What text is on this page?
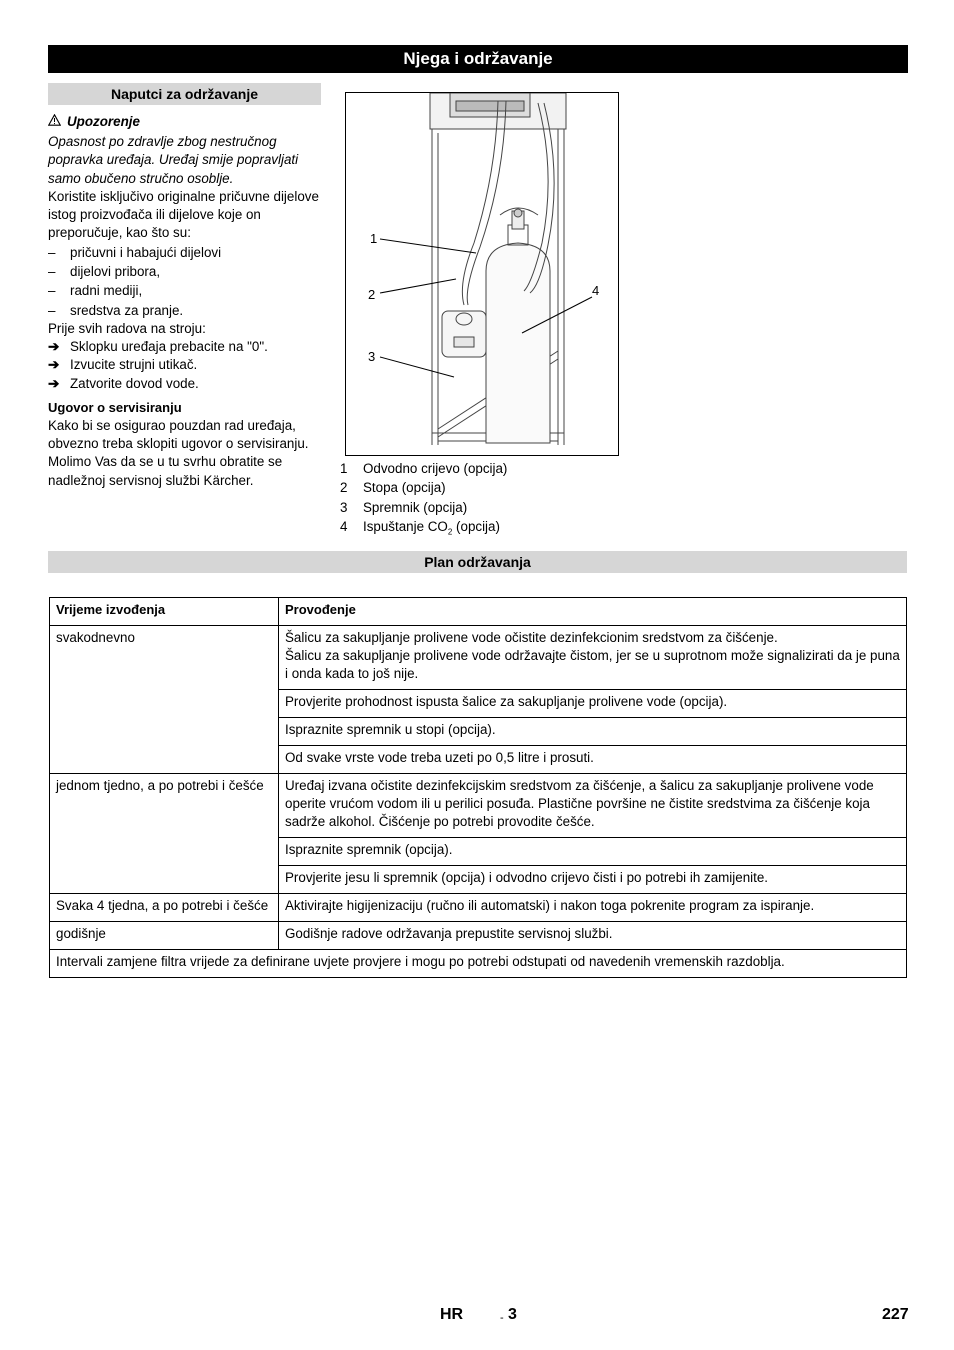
Njega i održavanje
Naputci za održavanje
Upozorenje
Opasnost po zdravlje zbog nestručnog popravka uređaja. Uređaj smije popravljati samo obučeno stručno osoblje.
Koristite isključivo originalne pričuvne dijelove istog proizvođača ili dijelove koje on preporučuje, kao što su:
– pričuvni i habajući dijelovi
– dijelovi pribora,
– radni mediji,
– sredstva za pranje.
Prije svih radova na stroju:
➔ Sklopku uređaja prebacite na "0".
➔ Izvucite strujni utikač.
➔ Zatvorite dovod vode.
Ugovor o servisiranju
Kako bi se osigurao pouzdan rad uređaja, obvezno treba sklopiti ugovor o servisiranju. Molimo Vas da se u tu svrhu obratite se nadležnoj servisnoj službi Kärcher.
1
2
3
4
1	Odvodno crijevo (opcija)
2	Stopa (opcija)
3	Spremnik (opcija)
4	Ispuštanje $CO_2$ (opcija)
Plan održavanja
Vrijeme izvođenja	Provođenje
svakodnevno	Šalicu za sakupljanje prolivene vode očistite dezinfekcionim sredstvom za čišćenje.
Šalicu za sakupljanje prolivene vode održavajte čistom, jer se u suprotnom može signalizirati da je puna i onda kada to još nije.
	Provjerite prohodnost ispusta šalice za sakupljanje prolivene vode (opcija).
	Ispraznite spremnik u stopi (opcija).
	Od svake vrste vode treba uzeti po 0,5 litre i prosuti.
jednom tjedno, a po potrebi i češće	Uređaj izvana očistite dezinfekcijskim sredstvom za čišćenje, a šalicu za sakupljanje prolivene vode operite vrućom vodom ili u perilici posuđa. Plastične površine ne čistite sredstvima za čišćenje koja sadrže alkohol. Čišćenje po potrebi provodite češće.
	Ispraznite spremnik (opcija).
	Provjerite jesu li spremnik (opcija) i odvodno crijevo čisti i po potrebi ih zamijenite.
Svaka 4 tjedna, a po potrebi i češće	Aktivirajte higijenizaciju (ručno ili automatski) i nakon toga pokrenite program za ispiranje.
godišnje	Godišnje radove održavanja prepustite servisnoj službi.
Intervali zamjene filtra vrijede za definirane uvjete provjere i mogu po potrebi odstupati od navedenih vremenskih razdoblja.	
HR	- 3	227
